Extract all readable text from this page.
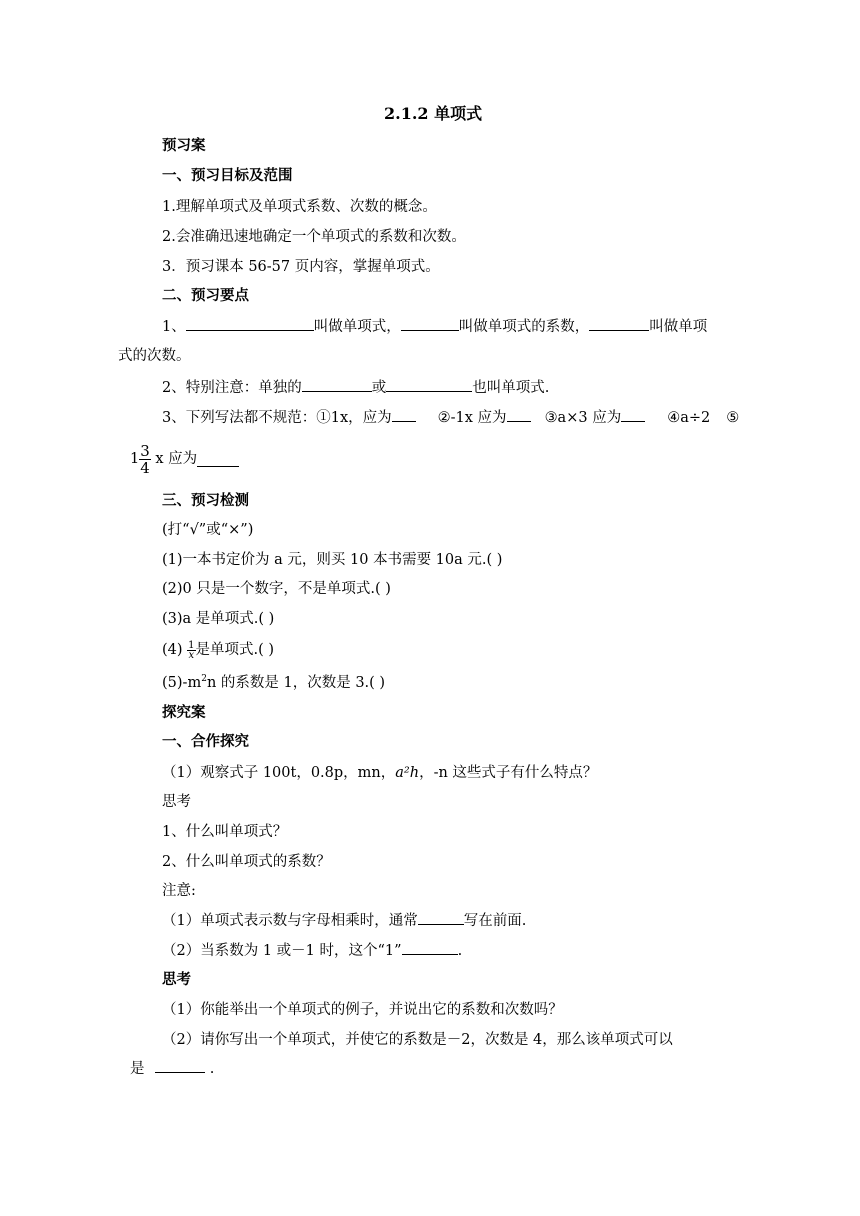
2.1.2 单项式
预习案
一、预习目标及范围
1.理解单项式及单项式系数、次数的概念。
2.会准确迅速地确定一个单项式的系数和次数。
3．预习课本 56-57 页内容，掌握单项式。
二、预习要点
1、	叫做单项式，	叫做单项式的系数，	叫做单项
式的次数。
2、特别注意：单独的	或	也叫单项式.
3、下列写法都不规范：①1x，应为	②-1x 应为	③a×3 应为	④a÷2 ⑤
$1 \frac{3}{4}$ x 应为
三、预习检测
(打“√”或“×”)
(1)一本书定价为 a 元，则买 10 本书需要 10a 元.( )
(2)0 只是一个数字，不是单项式.( )
(3)a 是单项式.( )
$(4) \frac{1}{x}$ 是单项式.( )
$(5)-m^2n$ 的系数是 1，次数是 3.( )
探究案
一、合作探究
（1）观察式子 100t，0.8p，mn，a²h，-n 这些式子有什么特点？
思考
1、什么叫单项式？
2、什么叫单项式的系数？
注意:
（1）单项式表示数与字母相乘时，通常	写在前面.
（2）当系数为 1 或－1 时，这个“1”	.
思考
（1）你能举出一个单项式的例子，并说出它的系数和次数吗？
（2）请你写出一个单项式，并使它的系数是－2，次数是 4，那么该单项式可以
是	.
